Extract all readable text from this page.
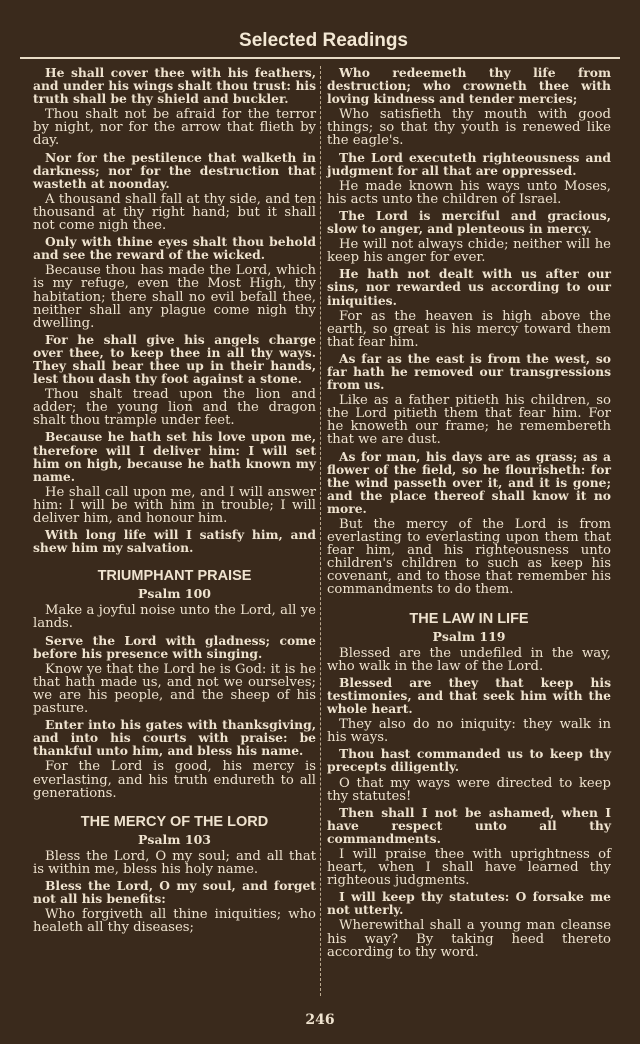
Selected Readings

He shall cover thee with his feathers, and under his wings shalt thou trust: his truth shall be thy shield and buckler.

Thou shalt not be afraid for the terror by night, nor for the arrow that flieth by day.

Nor for the pestilence that walketh in darkness; nor for the destruction that wasteth at noonday.

A thousand shall fall at thy side, and ten thousand at thy right hand; but it shall not come nigh thee.

Only with thine eyes shalt thou behold and see the reward of the wicked.

Because thou has made the Lord, which is my refuge, even the Most High, thy habitation; there shall no evil befall thee, neither shall any plague come nigh thy dwelling.

For he shall give his angels charge over thee, to keep thee in all thy ways. They shall bear thee up in their hands, lest thou dash thy foot against a stone.

Thou shalt tread upon the lion and adder; the young lion and the dragon shalt thou trample under feet.

Because he hath set his love upon me, therefore will I deliver him: I will set him on high, because he hath known my name.

He shall call upon me, and I will answer him: I will be with him in trouble; I will deliver him, and honour him.

With long life will I satisfy him, and shew him my salvation.

TRIUMPHANT PRAISE
Psalm 100

Make a joyful noise unto the Lord, all ye lands.

Serve the Lord with gladness; come before his presence with singing.

Know ye that the Lord he is God: it is he that hath made us, and not we ourselves; we are his people, and the sheep of his pasture.

Enter into his gates with thanksgiving, and into his courts with praise: be thankful unto him, and bless his name.

For the Lord is good, his mercy is everlasting, and his truth endureth to all generations.

THE MERCY OF THE LORD
Psalm 103

Bless the Lord, O my soul; and all that is within me, bless his holy name.

Bless the Lord, O my soul, and forget not all his benefits:

Who forgiveth all thine iniquities; who healeth all thy diseases;

Who redeemeth thy life from destruction; who crowneth thee with loving kindness and tender mercies;

Who satisfieth thy mouth with good things; so that thy youth is renewed like the eagle's.

The Lord executeth righteousness and judgment for all that are oppressed.

He made known his ways unto Moses, his acts unto the children of Israel.

The Lord is merciful and gracious, slow to anger, and plenteous in mercy.

He will not always chide; neither will he keep his anger for ever.

He hath not dealt with us after our sins, nor rewarded us according to our iniquities.

For as the heaven is high above the earth, so great is his mercy toward them that fear him.

As far as the east is from the west, so far hath he removed our transgressions from us.

Like as a father pitieth his children, so the Lord pitieth them that fear him. For he knoweth our frame; he remembereth that we are dust.

As for man, his days are as grass; as a flower of the field, so he flourisheth: for the wind passeth over it, and it is gone; and the place thereof shall know it no more.

But the mercy of the Lord is from everlasting to everlasting upon them that fear him, and his righteousness unto children's children to such as keep his covenant, and to those that remember his commandments to do them.

THE LAW IN LIFE
Psalm 119

Blessed are the undefiled in the way, who walk in the law of the Lord.

Blessed are they that keep his testimonies, and that seek him with the whole heart.

They also do no iniquity: they walk in his ways.

Thou hast commanded us to keep thy precepts diligently.

O that my ways were directed to keep thy statutes!

Then shall I not be ashamed, when I have respect unto all thy commandments.

I will praise thee with uprightness of heart, when I shall have learned thy righteous judgments.

I will keep thy statutes: O forsake me not utterly.

Wherewithal shall a young man cleanse his way? By taking heed thereto according to thy word.

246
